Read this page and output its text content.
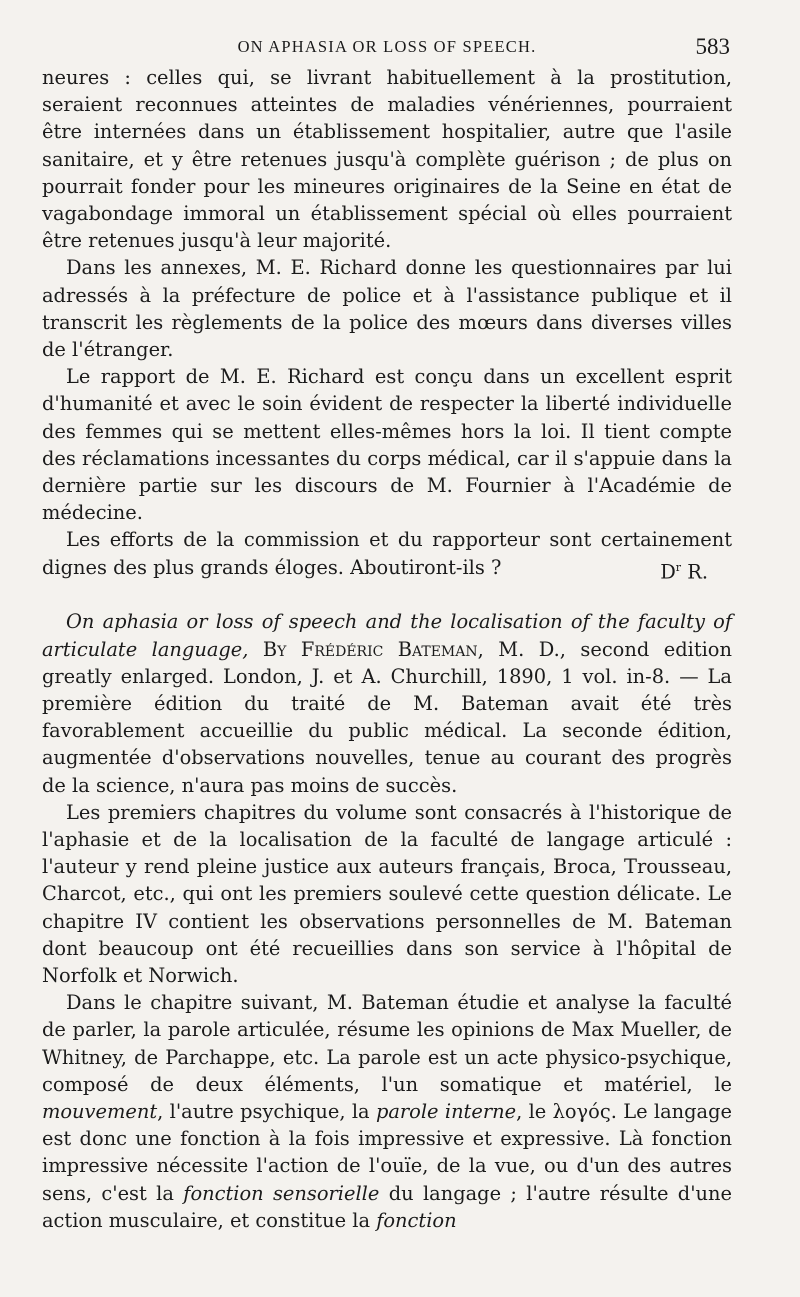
ON APHASIA OR LOSS OF SPEECH.	583

neures : celles qui, se livrant habituellement à la prostitution, seraient reconnues atteintes de maladies vénériennes, pourraient être internées dans un établissement hospitalier, autre que l'asile sanitaire, et y être retenues jusqu'à complète guérison ; de plus on pourrait fonder pour les mineures originaires de la Seine en état de vagabondage immoral un établissement spécial où elles pourraient être retenues jusqu'à leur majorité.

Dans les annexes, M. E. Richard donne les questionnaires par lui adressés à la préfecture de police et à l'assistance publique et il transcrit les règlements de la police des mœurs dans diverses villes de l'étranger.

Le rapport de M. E. Richard est conçu dans un excellent esprit d'humanité et avec le soin évident de respecter la liberté individuelle des femmes qui se mettent elles-mêmes hors la loi. Il tient compte des réclamations incessantes du corps médical, car il s'appuie dans la dernière partie sur les discours de M. Fournier à l'Académie de médecine.

Les efforts de la commission et du rapporteur sont certainement dignes des plus grands éloges. Aboutiront-ils ?	$D^r$ R.

On aphasia or loss of speech and the localisation of the faculty of articulate language, By Frédéric Bateman, M. D., second edition greatly enlarged. London, J. et A. Churchill, 1890, 1 vol. in-8. — La première édition du traité de M. Bateman avait été très favorablement accueillie du public médical. La seconde édition, augmentée d'observations nouvelles, tenue au courant des progrès de la science, n'aura pas moins de succès.

Les premiers chapitres du volume sont consacrés à l'historique de l'aphasie et de la localisation de la faculté de langage articulé : l'auteur y rend pleine justice aux auteurs français, Broca, Trousseau, Charcot, etc., qui ont les premiers soulevé cette question délicate. Le chapitre IV contient les observations personnelles de M. Bateman dont beaucoup ont été recueillies dans son service à l'hôpital de Norfolk et Norwich.

Dans le chapitre suivant, M. Bateman étudie et analyse la faculté de parler, la parole articulée, résume les opinions de Max Mueller, de Whitney, de Parchappe, etc. La parole est un acte physico-psychique, composé de deux éléments, l'un somatique et matériel, le mouvement, l'autre psychique, la parole interne, le λογός. Le langage est donc une fonction à la fois impressive et expressive. Là fonction impressive nécessite l'action de l'ouïe, de la vue, ou d'un des autres sens, c'est la fonction sensorielle du langage ; l'autre résulte d'une action musculaire, et constitue la fonction
